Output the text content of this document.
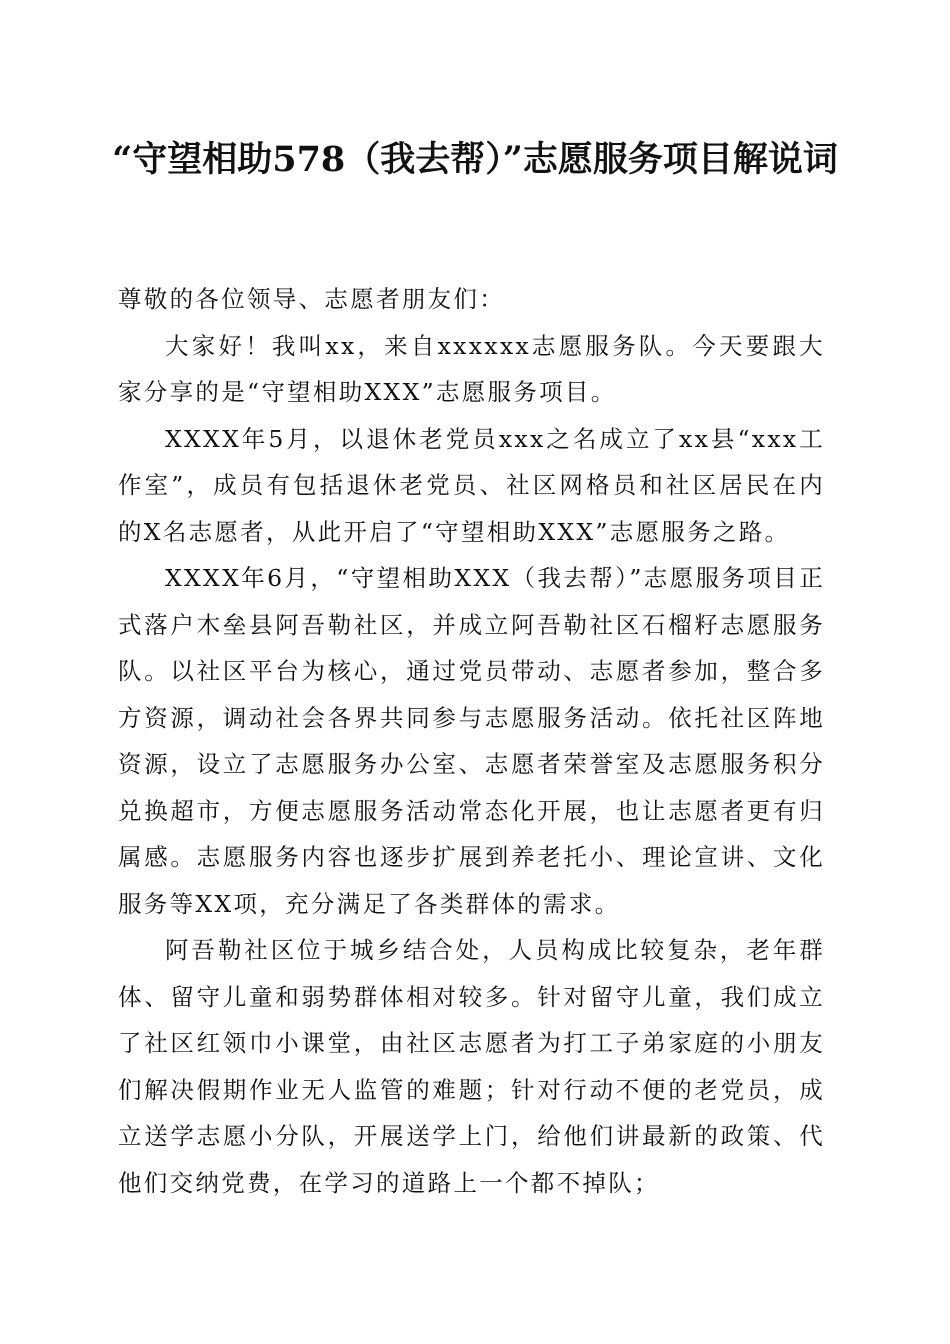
“守望相助578（我去帮）”志愿服务项目解说词

尊敬的各位领导、志愿者朋友们：

大家好！我叫xx，来自xxxxxx志愿服务队。今天要跟大家分享的是“守望相助XXX”志愿服务项目。

XXXX年5月，以退休老党员xxx之名成立了xx县“xxx工作室”，成员有包括退休老党员、社区网格员和社区居民在内的X名志愿者，从此开启了“守望相助XXX”志愿服务之路。

XXXX年6月，“守望相助XXX（我去帮）”志愿服务项目正式落户木垒县阿吾勒社区，并成立阿吾勒社区石榴籽志愿服务队。以社区平台为核心，通过党员带动、志愿者参加，整合多方资源，调动社会各界共同参与志愿服务活动。依托社区阵地资源，设立了志愿服务办公室、志愿者荣誉室及志愿服务积分兑换超市，方便志愿服务活动常态化开展，也让志愿者更有归属感。志愿服务内容也逐步扩展到养老托小、理论宣讲、文化服务等XX项，充分满足了各类群体的需求。

阿吾勒社区位于城乡结合处，人员构成比较复杂，老年群体、留守儿童和弱势群体相对较多。针对留守儿童，我们成立了社区红领巾小课堂，由社区志愿者为打工子弟家庭的小朋友们解决假期作业无人监管的难题；针对行动不便的老党员，成立送学志愿小分队，开展送学上门，给他们讲最新的政策、代他们交纳党费，在学习的道路上一个都不掉队；
